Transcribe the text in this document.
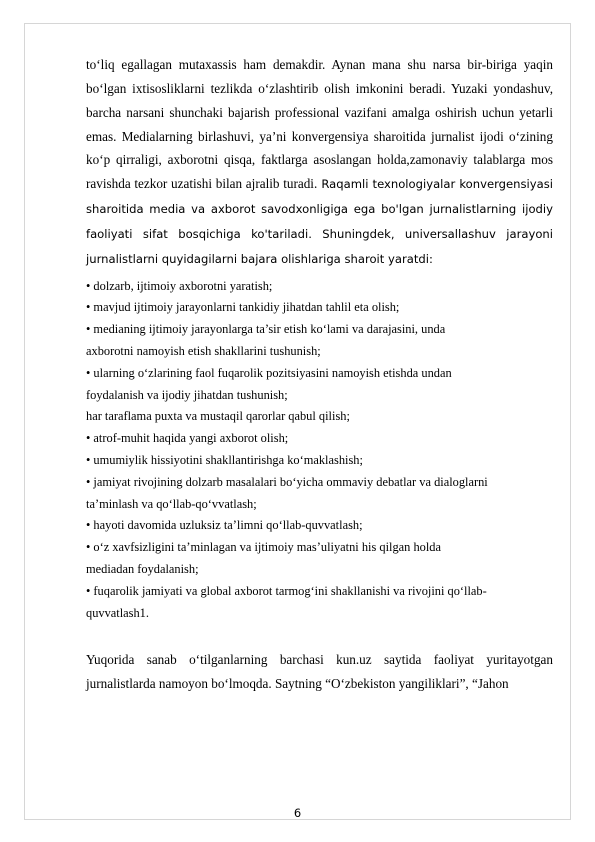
to‘liq egallagan mutaxassis ham demakdir. Aynan mana shu narsa bir-biriga yaqin bo‘lgan ixtisosliklarni tezlikda o‘zlashtirib olish imkonini beradi. Yuzaki yondashuv, barcha narsani shunchaki bajarish professional vazifani amalga oshirish uchun yetarli emas. Medialarning birlashuvi, ya’ni konvergensiya sharoitida jurnalist ijodi o‘zining ko‘p qirraligi, axborotni qisqa, faktlarga asoslangan holda,zamonaviy talablarga mos ravishda tezkor uzatishi bilan ajralib turadi. Raqamli texnologiyalar konvergensiyasi sharoitida media va axborot savodxonligiga ega bo'lgan jurnalistlarning ijodiy faoliyati sifat bosqichiga ko'tariladi. Shuningdek, universallashuv jarayoni jurnalistlarni quyidagilarni bajara olishlariga sharoit yaratdi:

• dolzarb, ijtimoiy axborotni yaratish;
• mavjud ijtimoiy jarayonlarni tankidiy jihatdan tahlil eta olish;
• medianing ijtimoiy jarayonlarga ta’sir etish ko‘lami va darajasini, unda
axborotni namoyish etish shakllarini tushunish;
• ularning o‘zlarining faol fuqarolik pozitsiyasini namoyish etishda undan
foydalanish va ijodiy jihatdan tushunish;
har taraflama puxta va mustaqil qarorlar qabul qilish;
• atrof-muhit haqida yangi axborot olish;
• umumiylik hissiyotini shakllantirishga ko‘maklashish;
• jamiyat rivojining dolzarb masalalari bo‘yicha ommaviy debatlar va dialoglarni
ta’minlash va qo‘llab-qo‘vvatlash;
• hayoti davomida uzluksiz ta’limni qo‘llab-quvvatlash;
• o‘z xavfsizligini ta’minlagan va ijtimoiy mas’uliyatni his qilgan holda
mediadan foydalanish;
• fuqarolik jamiyati va global axborot tarmog‘ini shakllanishi va rivojini qo‘llab-
quvvatlash1.

Yuqorida sanab o‘tilganlarning barchasi kun.uz saytida faoliyat yuritayotgan jurnalistlarda namoyon bo‘lmoqda. Saytning “O‘zbekiston yangiliklari”, “Jahon

6
